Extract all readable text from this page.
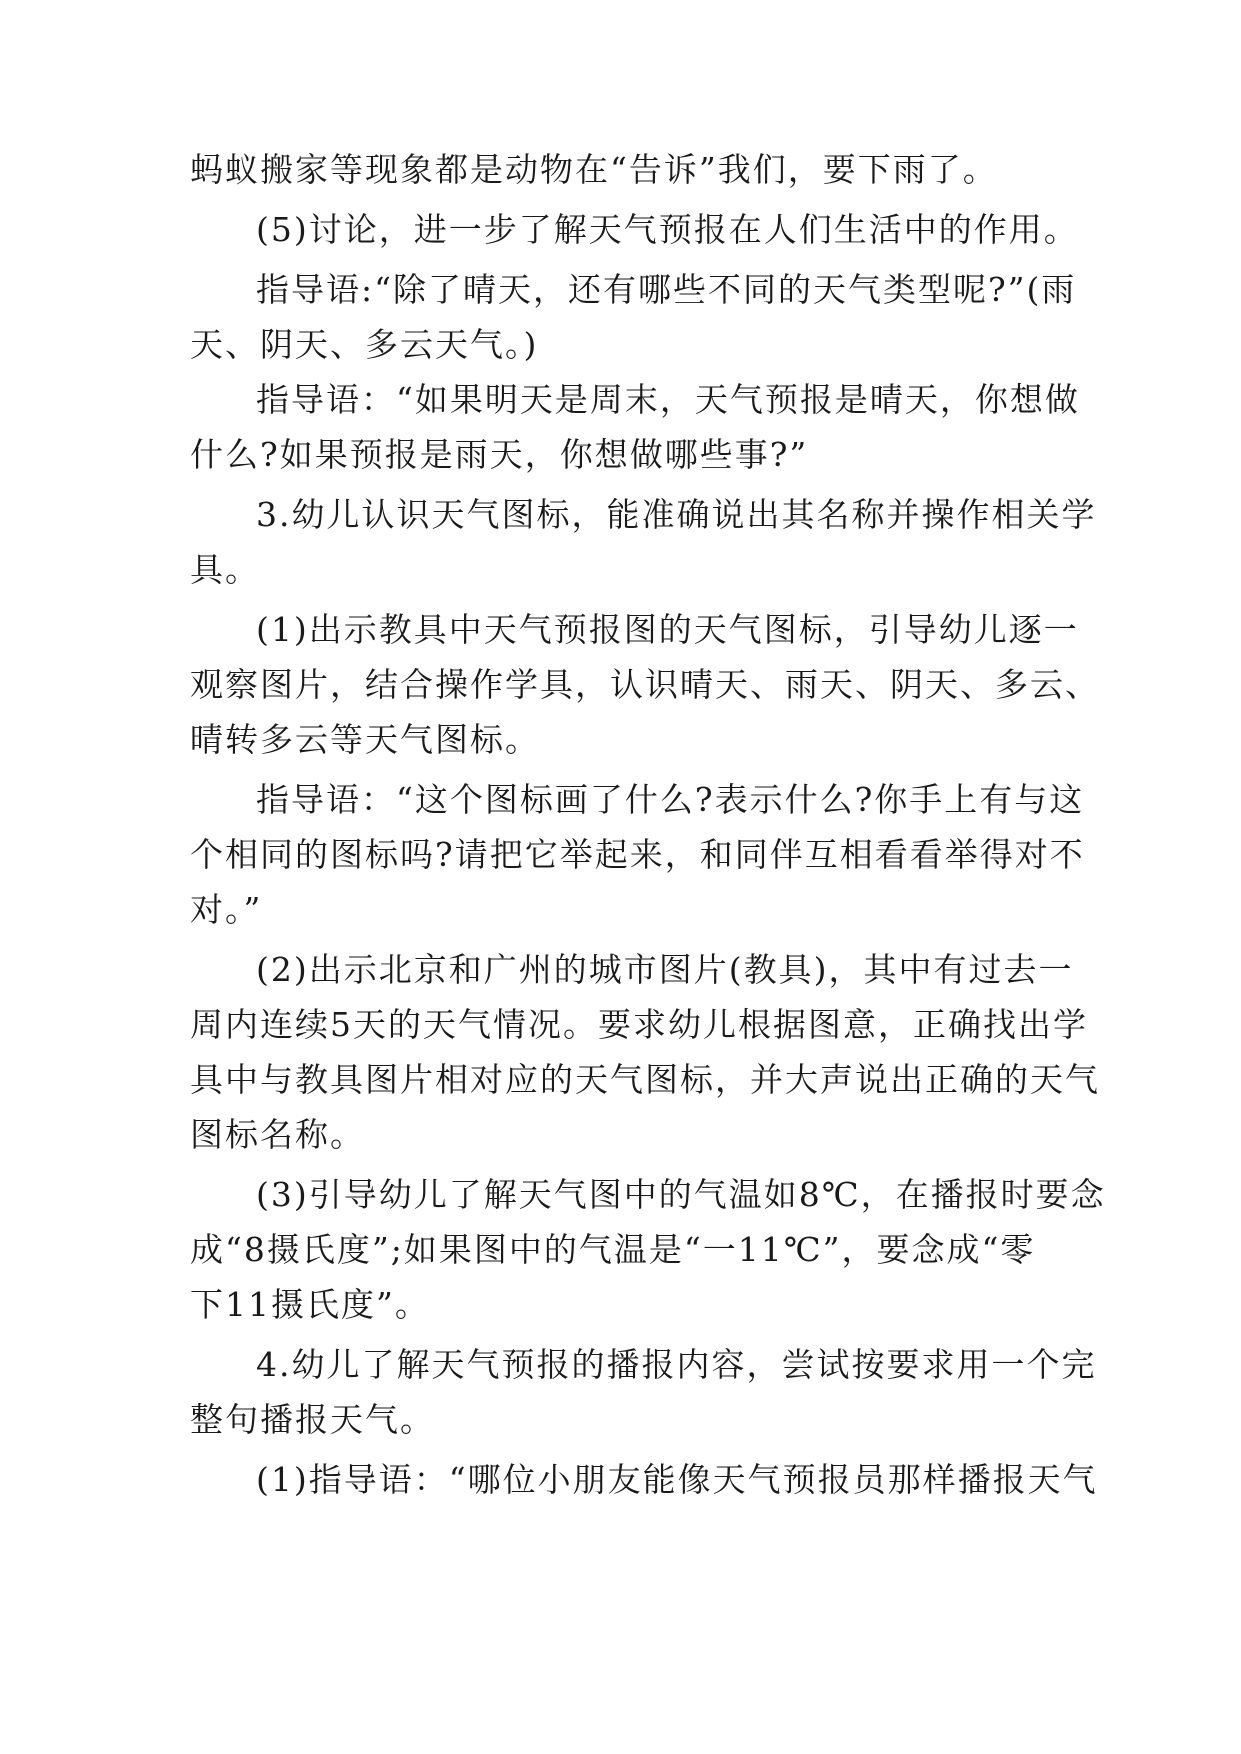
蚂蚁搬家等现象都是动物在“告诉”我们，要下雨了。
(5)讨论，进一步了解天气预报在人们生活中的作用。
指导语:“除了晴天，还有哪些不同的天气类型呢?”(雨
天、阴天、多云天气。)
指导语：“如果明天是周末，天气预报是晴天，你想做
什么?如果预报是雨天，你想做哪些事?”
3.幼儿认识天气图标，能准确说出其名称并操作相关学
具。
(1)出示教具中天气预报图的天气图标，引导幼儿逐一
观察图片，结合操作学具，认识晴天、雨天、阴天、多云、
晴转多云等天气图标。
指导语：“这个图标画了什么?表示什么?你手上有与这
个相同的图标吗?请把它举起来，和同伴互相看看举得对不
对。”
(2)出示北京和广州的城市图片(教具)，其中有过去一
周内连续5天的天气情况。要求幼儿根据图意，正确找出学
具中与教具图片相对应的天气图标，并大声说出正确的天气
图标名称。
(3)引导幼儿了解天气图中的气温如8℃，在播报时要念
成“8摄氏度”;如果图中的气温是“一11℃”，要念成“零
下11摄氏度”。
4.幼儿了解天气预报的播报内容，尝试按要求用一个完
整句播报天气。
(1)指导语：“哪位小朋友能像天气预报员那样播报天气
